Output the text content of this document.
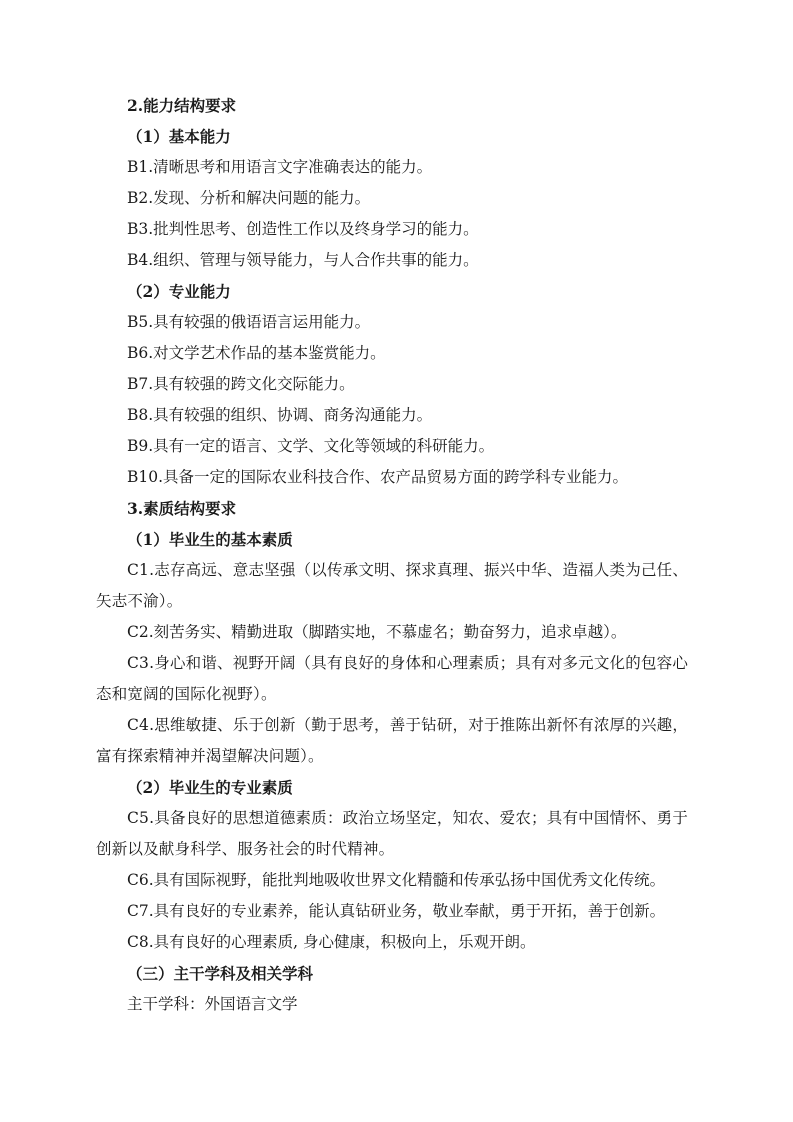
2.能力结构要求
（1）基本能力
B1.清晰思考和用语言文字准确表达的能力。
B2.发现、分析和解决问题的能力。
B3.批判性思考、创造性工作以及终身学习的能力。
B4.组织、管理与领导能力，与人合作共事的能力。
（2）专业能力
B5.具有较强的俄语语言运用能力。
B6.对文学艺术作品的基本鉴赏能力。
B7.具有较强的跨文化交际能力。
B8.具有较强的组织、协调、商务沟通能力。
B9.具有一定的语言、文学、文化等领域的科研能力。
B10.具备一定的国际农业科技合作、农产品贸易方面的跨学科专业能力。
3.素质结构要求
（1）毕业生的基本素质
C1.志存高远、意志坚强（以传承文明、探求真理、振兴中华、造福人类为己任、矢志不渝）。
C2.刻苦务实、精勤进取（脚踏实地，不慕虚名；勤奋努力，追求卓越）。
C3.身心和谐、视野开阔（具有良好的身体和心理素质；具有对多元文化的包容心态和宽阔的国际化视野）。
C4.思维敏捷、乐于创新（勤于思考，善于钻研，对于推陈出新怀有浓厚的兴趣，富有探索精神并渴望解决问题）。
（2）毕业生的专业素质
C5.具备良好的思想道德素质：政治立场坚定，知农、爱农；具有中国情怀、勇于创新以及献身科学、服务社会的时代精神。
C6.具有国际视野，能批判地吸收世界文化精髓和传承弘扬中国优秀文化传统。
C7.具有良好的专业素养，能认真钻研业务，敬业奉献，勇于开拓，善于创新。
C8.具有良好的心理素质, 身心健康，积极向上，乐观开朗。
（三）主干学科及相关学科
主干学科：外国语言文学
